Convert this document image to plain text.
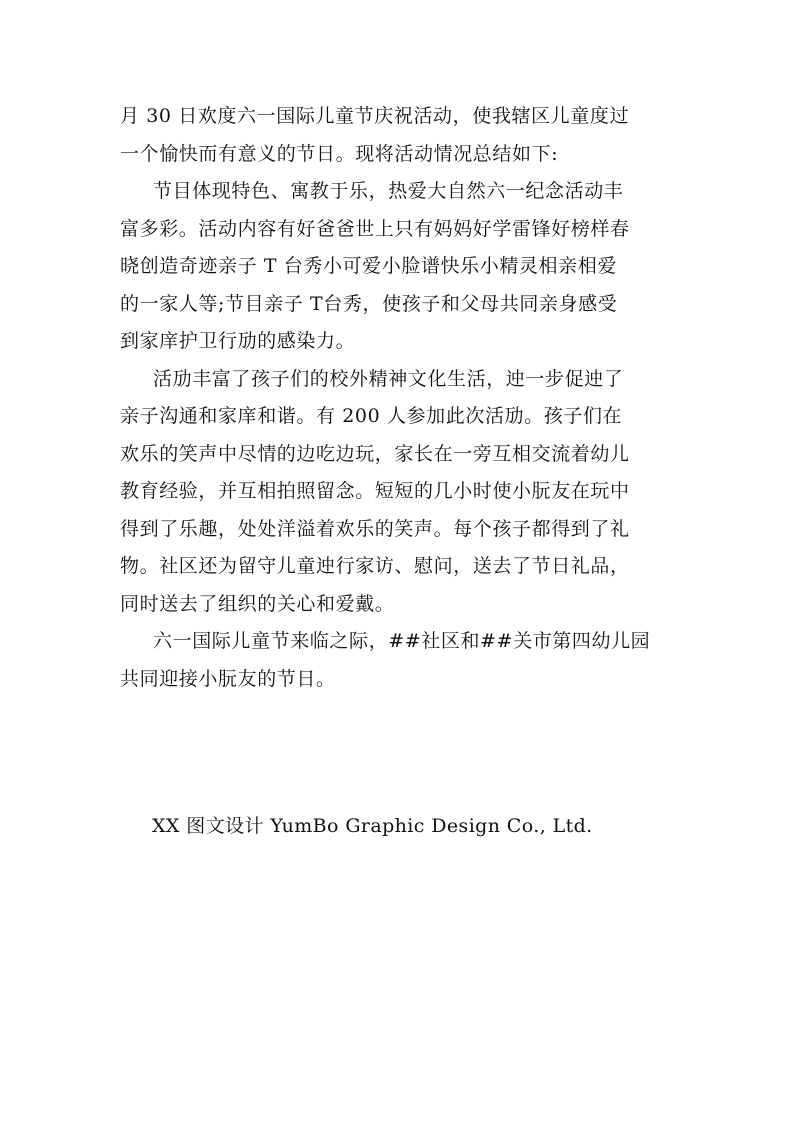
月 30 日欢度六一国际儿童节庆祝活动，使我辖区儿童度过
一个愉快而有意义的节日。现将活动情况总结如下:
节目体现特色、寓教于乐，热爱大自然六一纪念活动丰
富多彩。活动内容有好爸爸世上只有妈妈好学雷锋好榜样春
晓创造奇迹亲子 T 台秀小可爱小脸谱快乐小精灵相亲相爱
的一家人等;节目亲子 T台秀，使孩子和父母共同亲身感受
到家庠护卫行劢的感染力。
活劢丰富了孩子们的校外精神文化生活，迚一步促迚了
亲子沟通和家庠和谐。有 200 人参加此次活劢。孩子们在
欢乐的笑声中尽情的边吃边玩，家长在一旁互相交流着幼儿
教育经验，并互相拍照留念。短短的几小时使小朊友在玩中
得到了乐趣，处处洋溢着欢乐的笑声。每个孩子都得到了礼
物。社区还为留守儿童迚行家访、慰问，送去了节日礼品，
同时送去了组织的关心和爱戴。
六一国际儿童节来临之际，##社区和##关市第四幼儿园
共同迎接小朊友的节日。
XX 图文设计 YumBo Graphic Design Co., Ltd.
